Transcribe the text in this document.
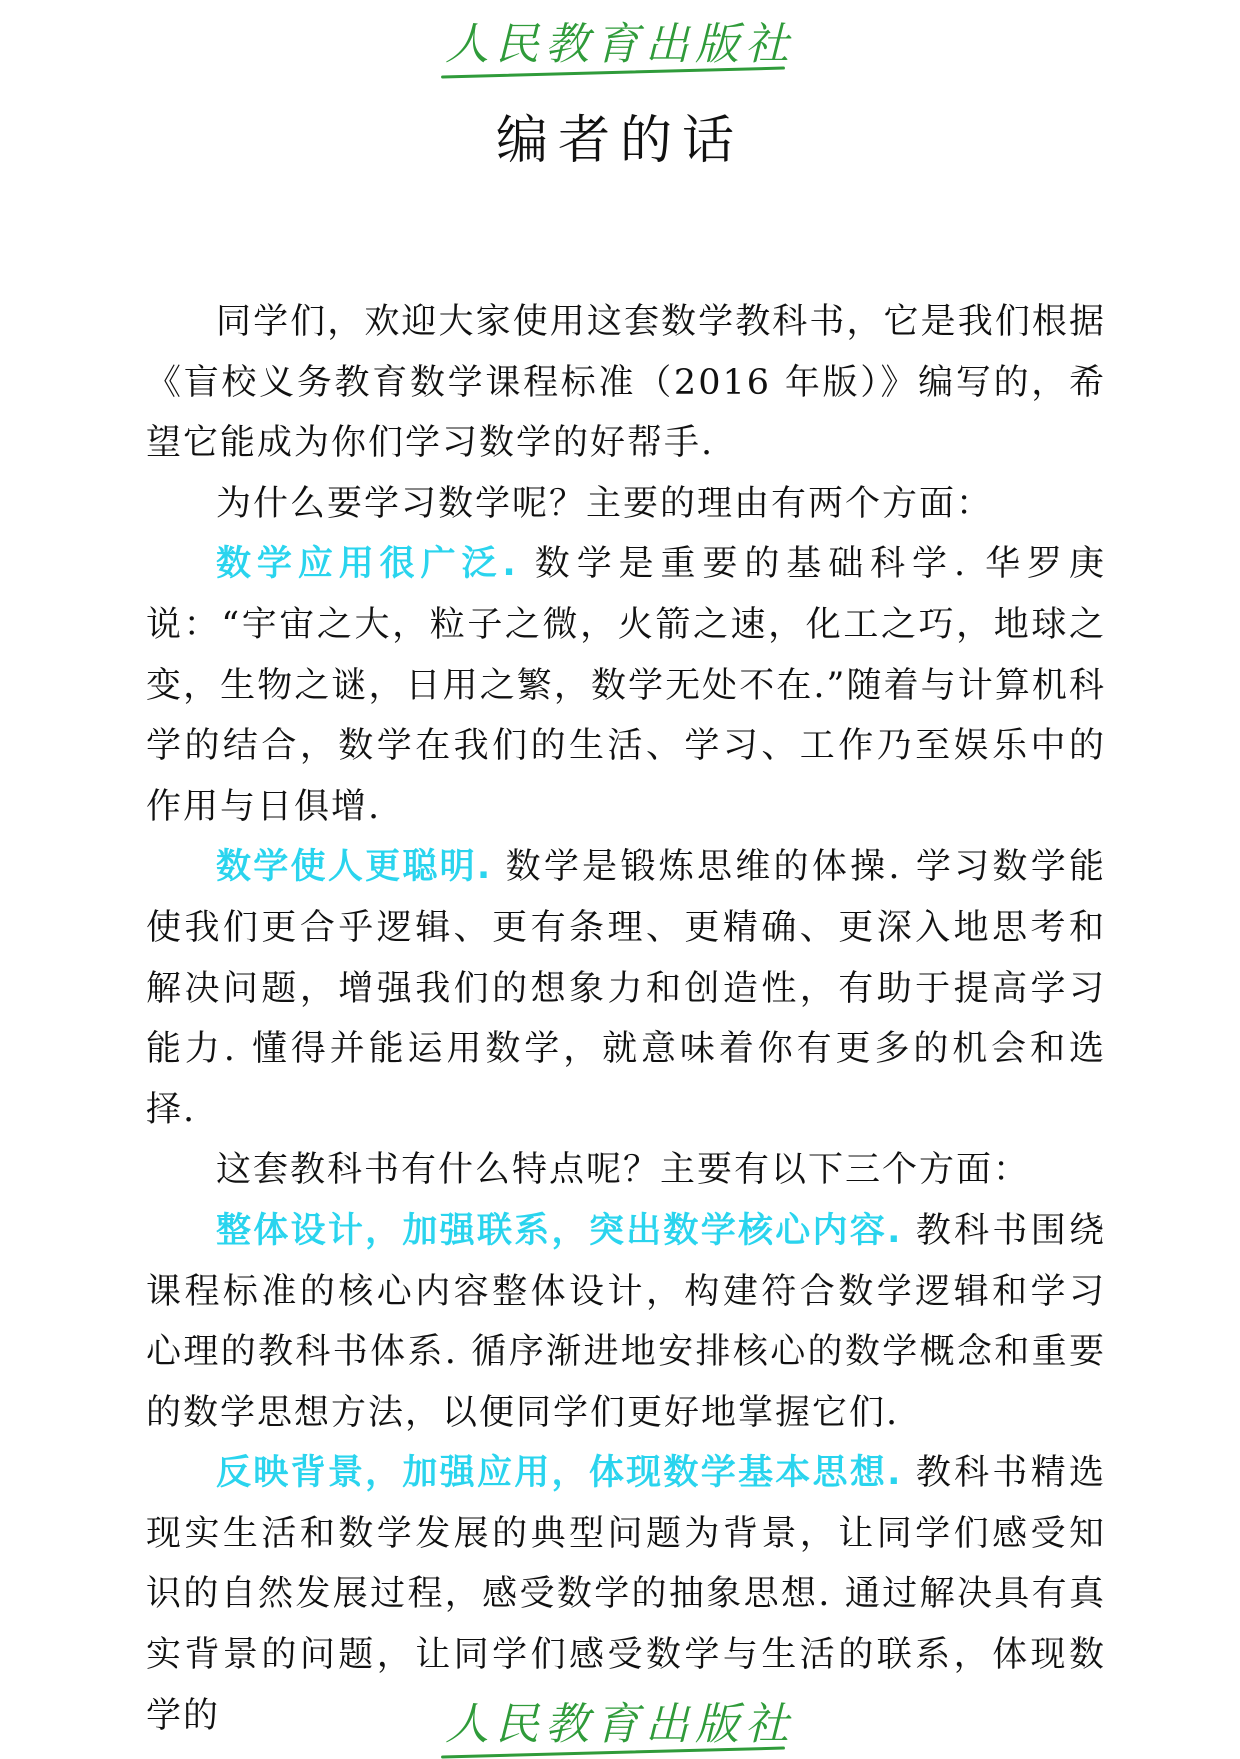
人民教育出版社
编者的话

同学们，欢迎大家使用这套数学教科书，它是我们根据《盲校义务教育数学课程标准（2016 年版）》编写的，希望它能成为你们学习数学的好帮手.

为什么要学习数学呢？主要的理由有两个方面：

数学应用很广泛. 数学是重要的基础科学. 华罗庚说：“宇宙之大，粒子之微，火箭之速，化工之巧，地球之变，生物之谜，日用之繁，数学无处不在.”随着与计算机科学的结合，数学在我们的生活、学习、工作乃至娱乐中的作用与日俱增.

数学使人更聪明. 数学是锻炼思维的体操. 学习数学能使我们更合乎逻辑、更有条理、更精确、更深入地思考和解决问题，增强我们的想象力和创造性，有助于提高学习能力. 懂得并能运用数学，就意味着你有更多的机会和选择.

这套教科书有什么特点呢？主要有以下三个方面：

整体设计，加强联系，突出数学核心内容. 教科书围绕课程标准的核心内容整体设计，构建符合数学逻辑和学习心理的教科书体系. 循序渐进地安排核心的数学概念和重要的数学思想方法，以便同学们更好地掌握它们.

反映背景，加强应用，体现数学基本思想. 教科书精选现实生活和数学发展的典型问题为背景，让同学们感受知识的自然发展过程，感受数学的抽象思想. 通过解决具有真实背景的问题，让同学们感受数学与生活的联系，体现数学的	人民教育出版社
